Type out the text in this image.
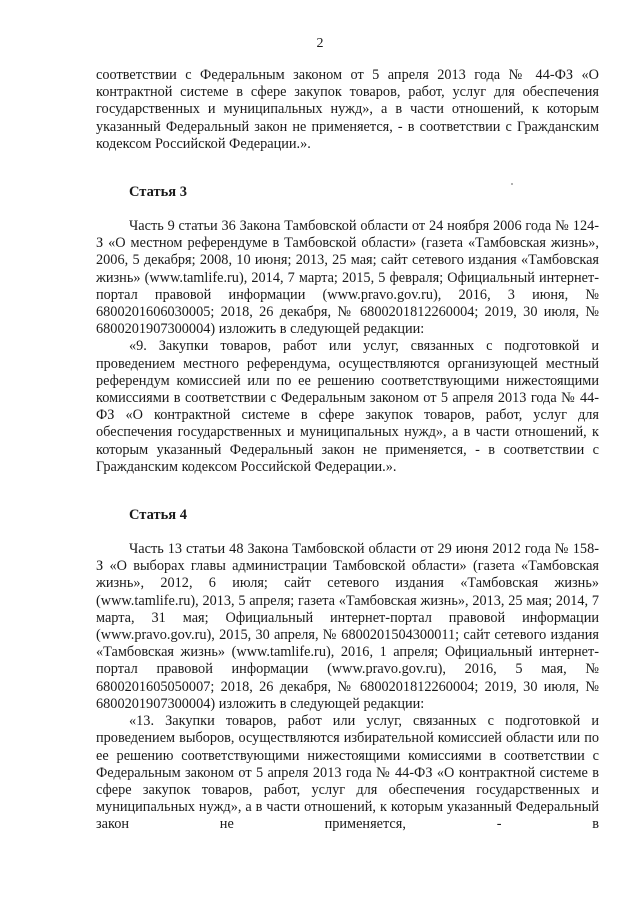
2

соответствии с Федеральным законом от 5 апреля 2013 года № 44-ФЗ «О контрактной системе в сфере закупок товаров, работ, услуг для обеспечения государственных и муниципальных нужд», а в части отношений, к которым указанный Федеральный закон не применяется, - в соответствии с Гражданским кодексом Российской Федерации.».

Статья 3

Часть 9 статьи 36 Закона Тамбовской области от 24 ноября 2006 года № 124-З «О местном референдуме в Тамбовской области» (газета «Тамбовская жизнь», 2006, 5 декабря; 2008, 10 июня; 2013, 25 мая; сайт сетевого издания «Тамбовская жизнь» (www.tamlife.ru), 2014, 7 марта; 2015, 5 февраля; Официальный интернет-портал правовой информации (www.pravo.gov.ru), 2016, 3 июня, № 6800201606030005; 2018, 26 декабря, № 6800201812260004; 2019, 30 июля, № 6800201907300004) изложить в следующей редакции:

«9. Закупки товаров, работ или услуг, связанных с подготовкой и проведением местного референдума, осуществляются организующей местный референдум комиссией или по ее решению соответствующими нижестоящими комиссиями в соответствии с Федеральным законом от 5 апреля 2013 года № 44-ФЗ «О контрактной системе в сфере закупок товаров, работ, услуг для обеспечения государственных и муниципальных нужд», а в части отношений, к которым указанный Федеральный закон не применяется, - в соответствии с Гражданским кодексом Российской Федерации.».

Статья 4

Часть 13 статьи 48 Закона Тамбовской области от 29 июня 2012 года № 158-З «О выборах главы администрации Тамбовской области» (газета «Тамбовская жизнь», 2012, 6 июля; сайт сетевого издания «Тамбовская жизнь» (www.tamlife.ru), 2013, 5 апреля; газета «Тамбовская жизнь», 2013, 25 мая; 2014, 7 марта, 31 мая; Официальный интернет-портал правовой информации (www.pravo.gov.ru), 2015, 30 апреля, № 6800201504300011; сайт сетевого издания «Тамбовская жизнь» (www.tamlife.ru), 2016, 1 апреля; Официальный интернет-портал правовой информации (www.pravo.gov.ru), 2016, 5 мая, № 6800201605050007; 2018, 26 декабря, № 6800201812260004; 2019, 30 июля, № 6800201907300004) изложить в следующей редакции:

«13. Закупки товаров, работ или услуг, связанных с подготовкой и проведением выборов, осуществляются избирательной комиссией области или по ее решению соответствующими нижестоящими комиссиями в соответствии с Федеральным законом от 5 апреля 2013 года № 44-ФЗ «О контрактной системе в сфере закупок товаров, работ, услуг для обеспечения государственных и муниципальных нужд», а в части отношений, к которым указанный Федеральный закон не применяется, - в
